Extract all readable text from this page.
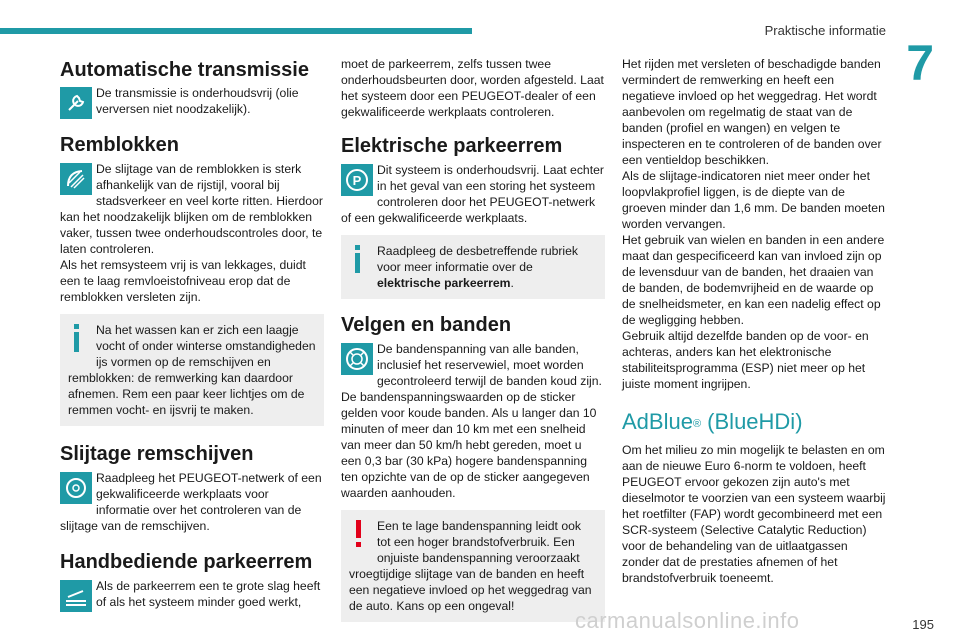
Praktische informatie
7
Automatische transmissie

De transmissie is onderhoudsvrij (olie verversen niet noodzakelijk).

Remblokken

De slijtage van de remblokken is sterk afhankelijk van de rijstijl, vooral bij stadsverkeer en veel korte ritten. Hierdoor kan het noodzakelijk blijken om de remblokken vaker, tussen twee onderhoudscontroles door, te laten controleren.

Als het remsysteem vrij is van lekkages, duidt een te laag remvloeistofniveau erop dat de remblokken versleten zijn.

Na het wassen kan er zich een laagje vocht of onder winterse omstandigheden ijs vormen op de remschijven en remblokken: de remwerking kan daardoor afnemen. Rem een paar keer lichtjes om de remmen vocht- en ijsvrij te maken.

Slijtage remschijven

Raadpleeg het PEUGEOT-netwerk of een gekwalificeerde werkplaats voor informatie over het controleren van de slijtage van de remschijven.

Handbediende parkeerrem

Als de parkeerrem een te grote slag heeft of als het systeem minder goed werkt,

moet de parkeerrem, zelfs tussen twee onderhoudsbeurten door, worden afgesteld. Laat het systeem door een PEUGEOT-dealer of een gekwalificeerde werkplaats controleren.

Elektrische parkeerrem
P

Dit systeem is onderhoudsvrij. Laat echter in het geval van een storing het systeem controleren door het PEUGEOT-netwerk of een gekwalificeerde werkplaats.

Raadpleeg de desbetreffende rubriek voor meer informatie over de elektrische parkeerrem.

Velgen en banden

De bandenspanning van alle banden, inclusief het reservewiel, moet worden gecontroleerd terwijl de banden koud zijn. De bandenspanningswaarden op de sticker gelden voor koude banden. Als u langer dan 10 minuten of meer dan 10 km met een snelheid van meer dan 50 km/h hebt gereden, moet u een 0,3 bar (30 kPa) hogere bandenspanning ten opzichte van de op de sticker aangegeven waarden aanhouden.

Een te lage bandenspanning leidt ook tot een hoger brandstofverbruik. Een onjuiste bandenspanning veroorzaakt vroegtijdige slijtage van de banden en heeft een negatieve invloed op het weggedrag van de auto. Kans op een ongeval!

Het rijden met versleten of beschadigde banden vermindert de remwerking en heeft een negatieve invloed op het weggedrag. Het wordt aanbevolen om regelmatig de staat van de banden (profiel en wangen) en velgen te inspecteren en te controleren of de banden over een ventieldop beschikken.

Als de slijtage-indicatoren niet meer onder het loopvlakprofiel liggen, is de diepte van de groeven minder dan 1,6 mm. De banden moeten worden vervangen.

Het gebruik van wielen en banden in een andere maat dan gespecificeerd kan van invloed zijn op de levensduur van de banden, het draaien van de banden, de bodemvrijheid en de waarde op de snelheidsmeter, en kan een nadelig effect op de wegligging hebben.

Gebruik altijd dezelfde banden op de voor- en achteras, anders kan het elektronische stabiliteitsprogramma (ESP) niet meer op het juiste moment ingrijpen.

AdBlue® (BlueHDi)

Om het milieu zo min mogelijk te belasten en om aan de nieuwe Euro 6-norm te voldoen, heeft PEUGEOT ervoor gekozen zijn auto's met dieselmotor te voorzien van een systeem waarbij het roetfilter (FAP) wordt gecombineerd met een SCR-systeem (Selective Catalytic Reduction) voor de behandeling van de uitlaatgassen zonder dat de prestaties afnemen of het brandstofverbruik toeneemt.

carmanualsonline.info	195
